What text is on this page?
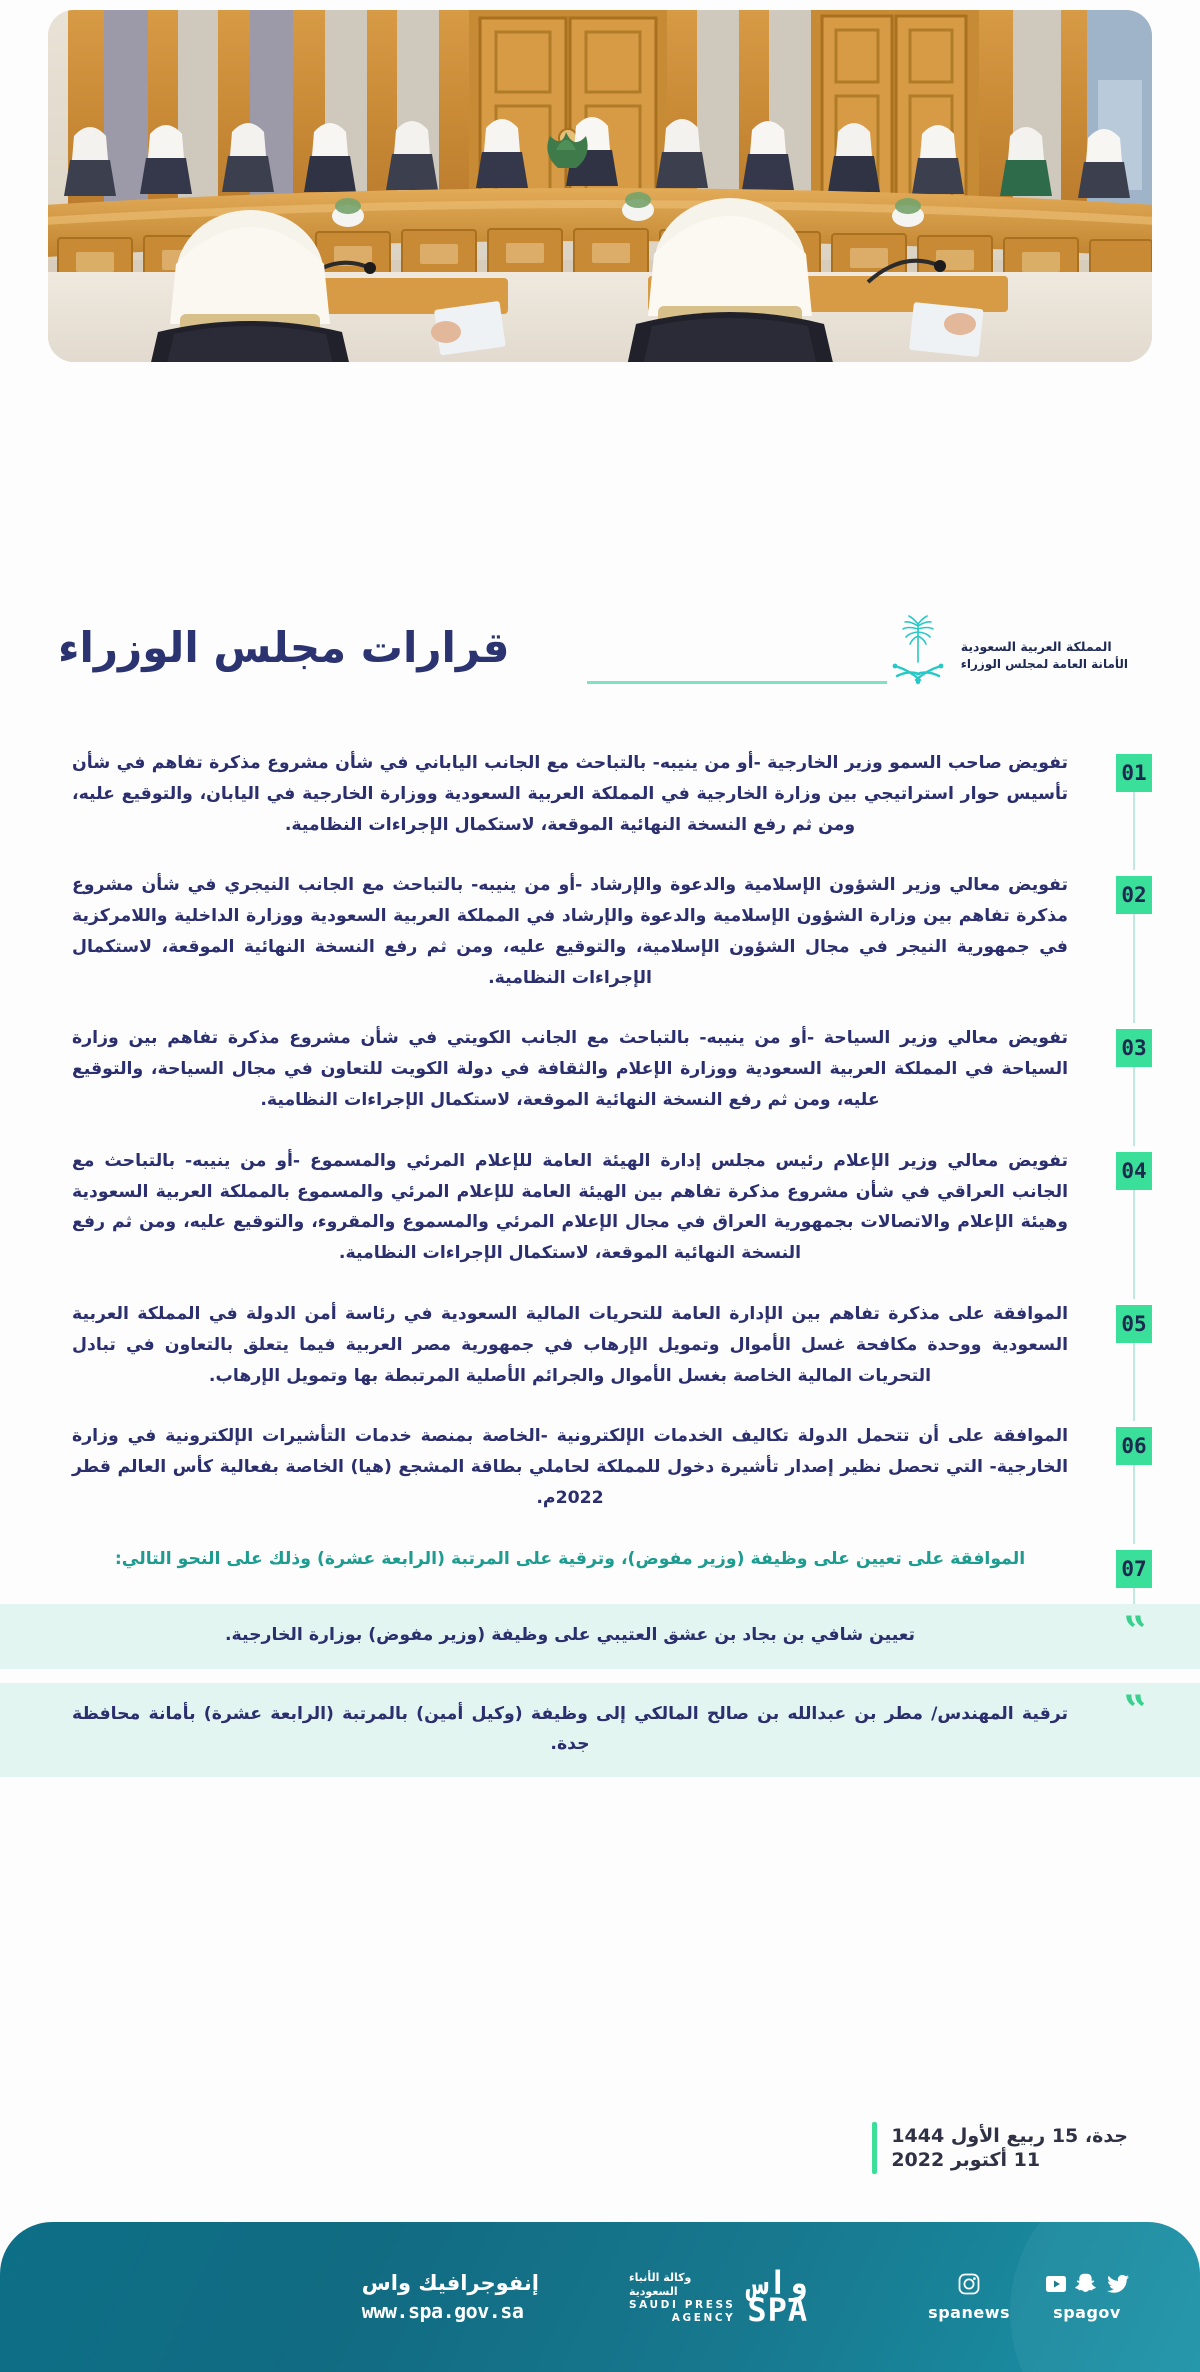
المملكة العربية السعودية
الأمانة العامة لمجلس الوزراء
قرارات مجلس الوزراء
01
تفويض صاحب السمو وزير الخارجية -أو من ينيبه- بالتباحث مع الجانب الياباني في شأن مشروع مذكرة تفاهم في شأن تأسيس حوار استراتيجي بين وزارة الخارجية في المملكة العربية السعودية ووزارة الخارجية في اليابان، والتوقيع عليه، ومن ثم رفع النسخة النهائية الموقعة، لاستكمال الإجراءات النظامية.
02
تفويض معالي وزير الشؤون الإسلامية والدعوة والإرشاد -أو من ينيبه- بالتباحث مع الجانب النيجري في شأن مشروع مذكرة تفاهم بين وزارة الشؤون الإسلامية والدعوة والإرشاد في المملكة العربية السعودية ووزارة الداخلية واللامركزية في جمهورية النيجر في مجال الشؤون الإسلامية، والتوقيع عليه، ومن ثم رفع النسخة النهائية الموقعة، لاستكمال الإجراءات النظامية.
03
تفويض معالي وزير السياحة -أو من ينيبه- بالتباحث مع الجانب الكويتي في شأن مشروع مذكرة تفاهم بين وزارة السياحة في المملكة العربية السعودية ووزارة الإعلام والثقافة في دولة الكويت للتعاون في مجال السياحة، والتوقيع عليه، ومن ثم رفع النسخة النهائية الموقعة، لاستكمال الإجراءات النظامية.
04
تفويض معالي وزير الإعلام رئيس مجلس إدارة الهيئة العامة للإعلام المرئي والمسموع -أو من ينيبه- بالتباحث مع الجانب العراقي في شأن مشروع مذكرة تفاهم بين الهيئة العامة للإعلام المرئي والمسموع بالمملكة العربية السعودية وهيئة الإعلام والاتصالات بجمهورية العراق في مجال الإعلام المرئي والمسموع والمقروء، والتوقيع عليه، ومن ثم رفع النسخة النهائية الموقعة، لاستكمال الإجراءات النظامية.
05
الموافقة على مذكرة تفاهم بين الإدارة العامة للتحريات المالية السعودية في رئاسة أمن الدولة في المملكة العربية السعودية ووحدة مكافحة غسل الأموال وتمويل الإرهاب في جمهورية مصر العربية فيما يتعلق بالتعاون في تبادل التحريات المالية الخاصة بغسل الأموال والجرائم الأصلية المرتبطة بها وتمويل الإرهاب.
06
الموافقة على أن تتحمل الدولة تكاليف الخدمات الإلكترونية -الخاصة بمنصة خدمات التأشيرات الإلكترونية في وزارة الخارجية- التي تحصل نظير إصدار تأشيرة دخول للمملكة لحاملي بطاقة المشجع (هيا) الخاصة بفعالية كأس العالم قطر 2022م.
07
الموافقة على تعيين على وظيفة (وزير مفوض)، وترقية على المرتبة (الرابعة عشرة) وذلك على النحو التالي:
”
تعيين شافي بن بجاد بن عشق العتيبي على وظيفة (وزير مفوض) بوزارة الخارجية.
”
ترقية المهندس/ مطر بن عبدالله بن صالح المالكي إلى وظيفة (وكيل أمين) بالمرتبة (الرابعة عشرة) بأمانة محافظة جدة.
جدة، 15 ربيع الأول 1444
11 أكتوبر 2022
spagov
spanews
واس
SPA
وكالة الأنباء
السعودية
SAUDI PRESS
AGENCY
إنفوجرافيك واس
www.spa.gov.sa
